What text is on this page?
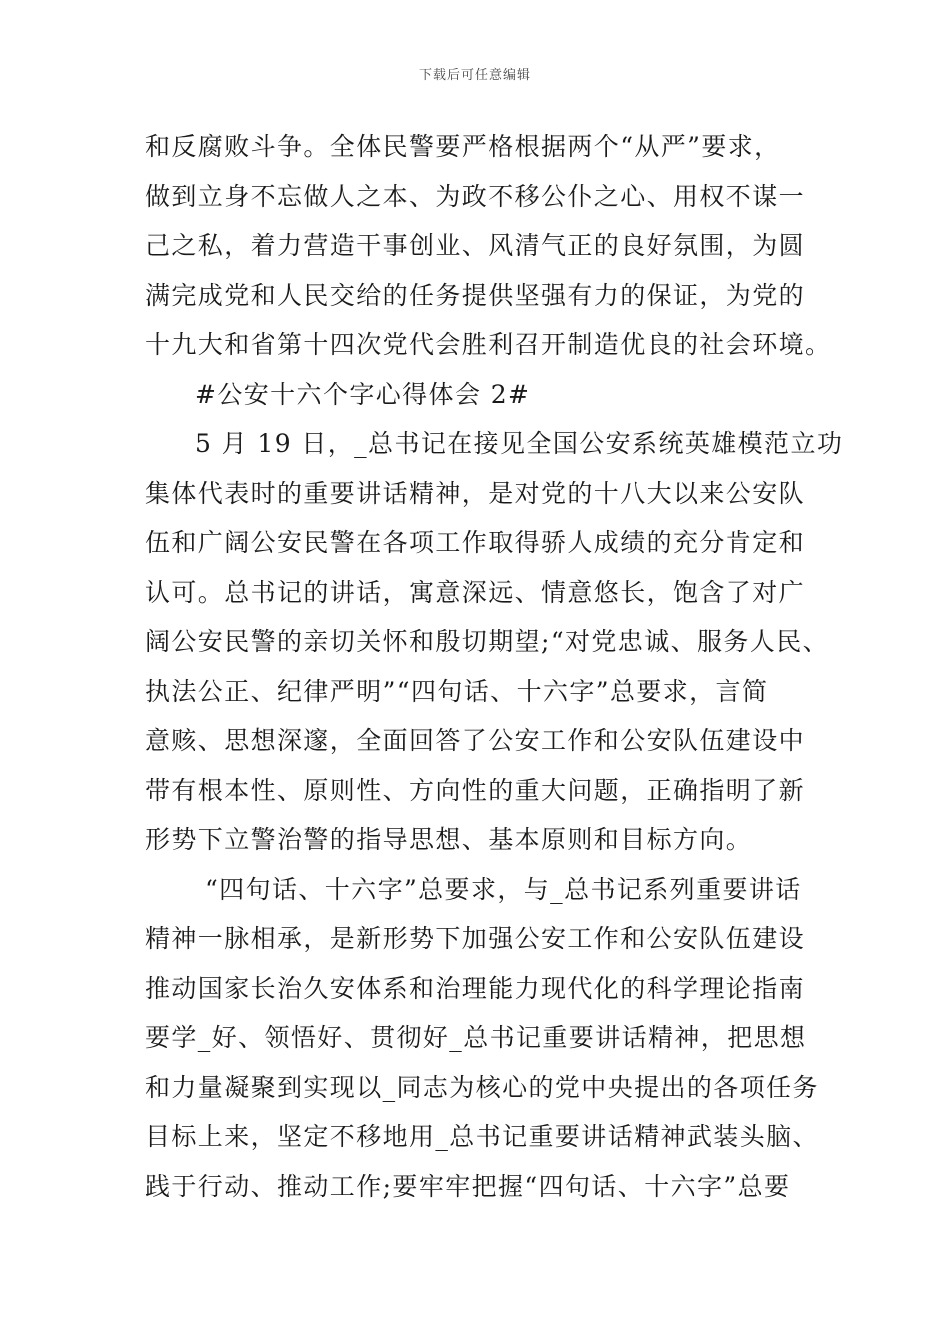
下载后可任意编辑
和反腐败斗争。全体民警要严格根据两个“从严”要求，
做到立身不忘做人之本、为政不移公仆之心、用权不谋一
己之私，着力营造干事创业、风清气正的良好氛围，为圆
满完成党和人民交给的任务提供坚强有力的保证，为党的
十九大和省第十四次党代会胜利召开制造优良的社会环境。
#公安十六个字心得体会 2#
5 月 19 日，_总书记在接见全国公安系统英雄模范立功
集体代表时的重要讲话精神，是对党的十八大以来公安队
伍和广阔公安民警在各项工作取得骄人成绩的充分肯定和
认可。总书记的讲话，寓意深远、情意悠长，饱含了对广
阔公安民警的亲切关怀和殷切期望;“对党忠诚、服务人民、
执法公正、纪律严明”“四句话、十六字”总要求，言简
意赅、思想深邃，全面回答了公安工作和公安队伍建设中
带有根本性、原则性、方向性的重大问题，正确指明了新
形势下立警治警的指导思想、基本原则和目标方向。
“四句话、十六字”总要求，与_总书记系列重要讲话
精神一脉相承，是新形势下加强公安工作和公安队伍建设
推动国家长治久安体系和治理能力现代化的科学理论指南
要学_好、领悟好、贯彻好_总书记重要讲话精神，把思想
和力量凝聚到实现以_同志为核心的党中央提出的各项任务
目标上来，坚定不移地用_总书记重要讲话精神武装头脑、
践于行动、推动工作;要牢牢把握“四句话、十六字”总要
